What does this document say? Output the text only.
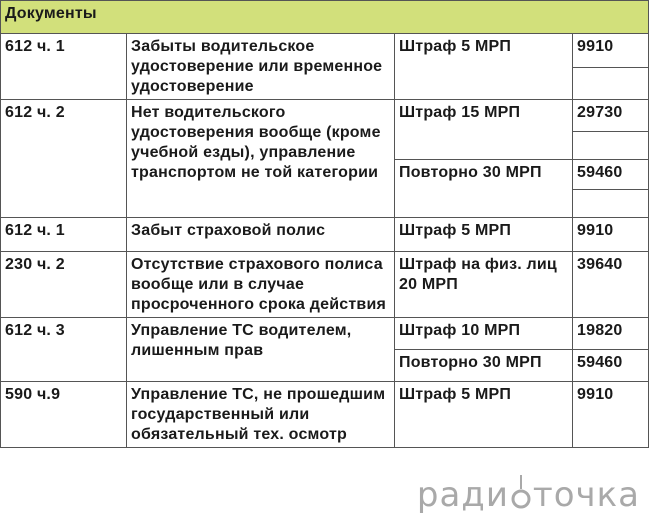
Документы			
612 ч. 1	Забыты водительское удостоверение или временное удостоверение	Штраф 5 МРП	9910

612 ч. 2	Нет водительского удостоверения вообще (кроме учебной езды), управление транспортом не той категории	Штраф 15 МРП	29730

		Повторно 30 МРП	59460

612 ч. 1	Забыт страховой полис	Штраф 5 МРП	9910
230 ч. 2	Отсутствие страхового полиса вообще или в случае просроченного срока действия	Штраф на физ. лиц 20 МРП	39640
612 ч. 3	Управление ТС водителем, лишенным прав	Штраф 10 МРП	19820
		Повторно 30 МРП	59460
590 ч.9	Управление ТС, не прошедшим государственный или обязательный тех. осмотр	Штраф 5 МРП	9910
ради точка
